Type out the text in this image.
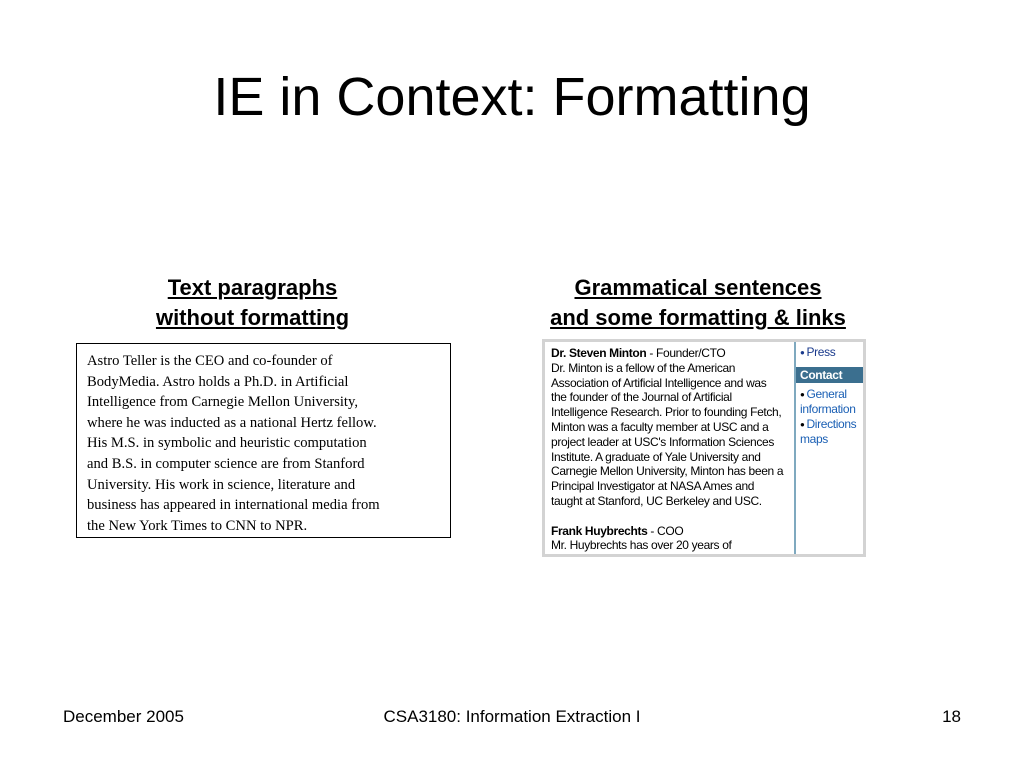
IE in Context: Formatting
Text paragraphs
without formatting
Grammatical sentences
and some formatting & links
Astro Teller is the CEO and co-founder of
BodyMedia. Astro holds a Ph.D. in Artificial
Intelligence from Carnegie Mellon University,
where he was inducted as a national Hertz fellow.
His M.S. in symbolic and heuristic computation
and B.S. in computer science are from Stanford
University. His work in science, literature and
business has appeared in international media from
the New York Times to CNN to NPR.
Dr. Steven Minton - Founder/CTO
Dr. Minton is a fellow of the American
Association of Artificial Intelligence and was
the founder of the Journal of Artificial
Intelligence Research. Prior to founding Fetch,
Minton was a faculty member at USC and a
project leader at USC's Information Sciences
Institute. A graduate of Yale University and
Carnegie Mellon University, Minton has been a
Principal Investigator at NASA Ames and
taught at Stanford, UC Berkeley and USC.
Frank Huybrechts - COO
Mr. Huybrechts has over 20 years of
● Press
Contact
● General
information
● Directions
maps
December 2005	CSA3180: Information Extraction I	18
